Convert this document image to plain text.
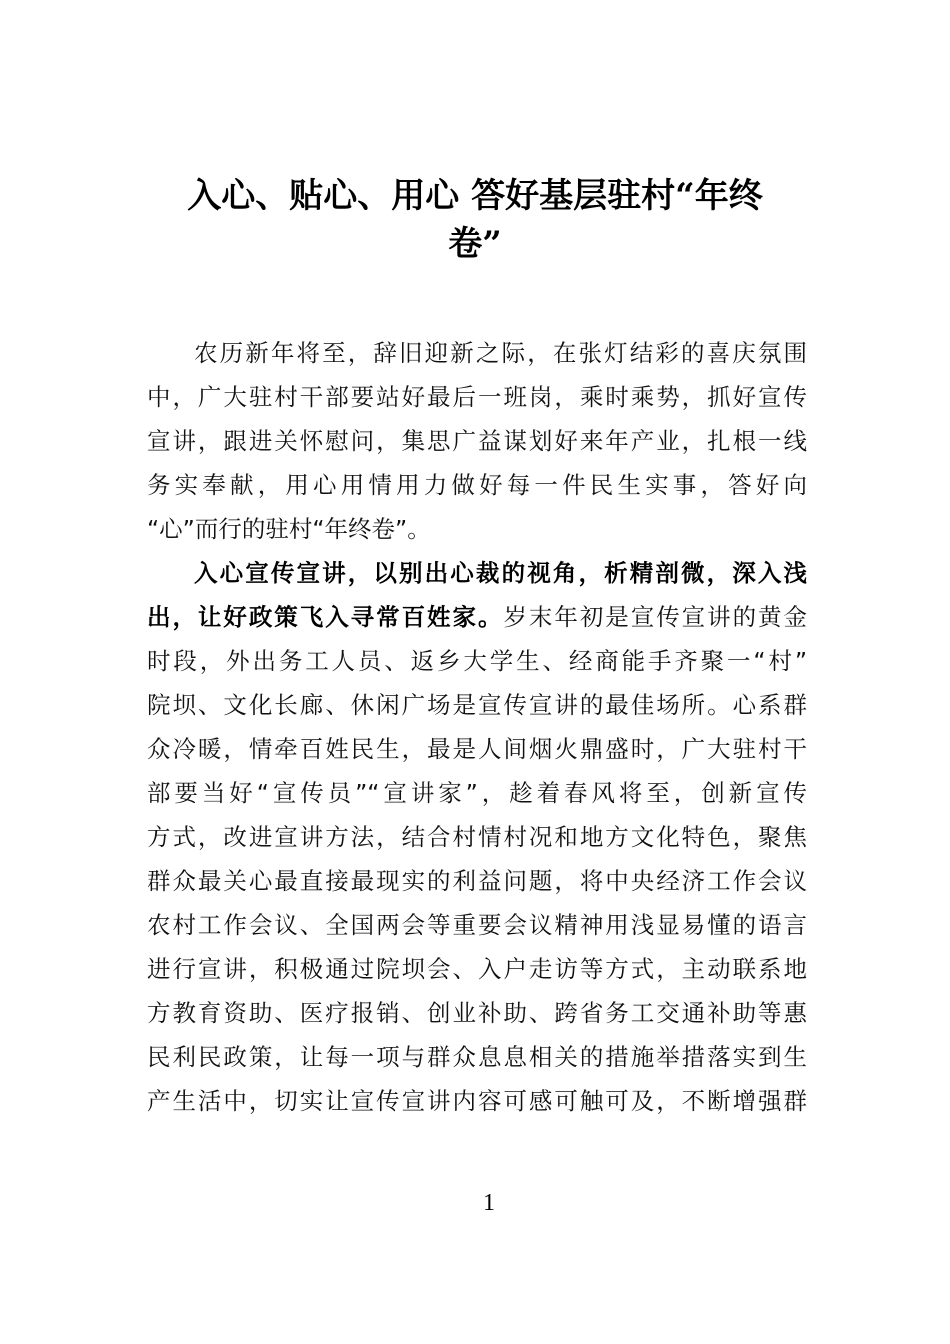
入心、贴心、用心 答好基层驻村“年终
卷”
农历新年将至，辞旧迎新之际，在张灯结彩的喜庆氛围
中，广大驻村干部要站好最后一班岗，乘时乘势，抓好宣传
宣讲，跟进关怀慰问，集思广益谋划好来年产业，扎根一线
务实奉献，用心用情用力做好每一件民生实事，答好向
“心”而行的驻村“年终卷”。
入心宣传宣讲，以别出心裁的视角，析精剖微，深入浅
出，让好政策飞入寻常百姓家。岁末年初是宣传宣讲的黄金
时段，外出务工人员、返乡大学生、经商能手齐聚一“村”
院坝、文化长廊、休闲广场是宣传宣讲的最佳场所。心系群
众冷暖，情牵百姓民生，最是人间烟火鼎盛时，广大驻村干
部要当好“宣传员”“宣讲家”，趁着春风将至，创新宣传
方式，改进宣讲方法，结合村情村况和地方文化特色，聚焦
群众最关心最直接最现实的利益问题，将中央经济工作会议
农村工作会议、全国两会等重要会议精神用浅显易懂的语言
进行宣讲，积极通过院坝会、入户走访等方式，主动联系地
方教育资助、医疗报销、创业补助、跨省务工交通补助等惠
民利民政策，让每一项与群众息息相关的措施举措落实到生
产生活中，切实让宣传宣讲内容可感可触可及，不断增强群
1
